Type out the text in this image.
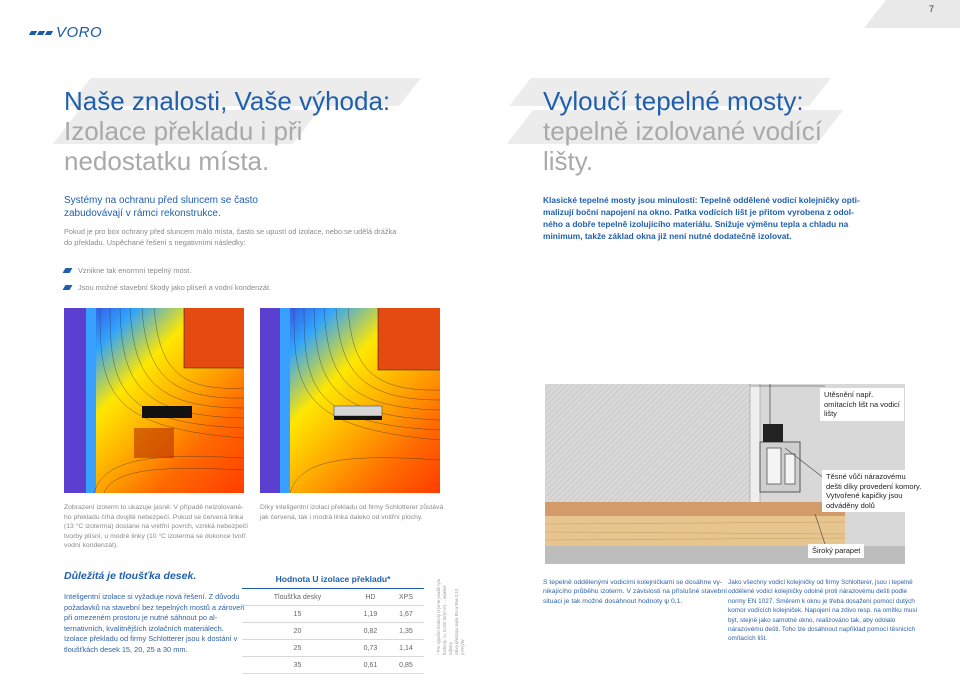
VORO
7
Naše znalosti, Vaše výhoda:
Izolace překladu i při
nedostatku místa.
Systémy na ochranu před sluncem se často
zabudovávají v rámci rekonstrukce.
Pokud je pro box ochrany před sluncem málo místa, často se upustí od izolace, nebo se udělá drážka
do překladu. Uspěchané řešení s negativními následky:
Vznikne tak enormní tepelný most.
Jsou možné stavební škody jako plíseň a vodní kondenzát.
Vyloučí tepelné mosty:
tepelně izolované vodící
lišty.
Klasické tepelné mosty jsou minulostí: Tepelně oddělené vodicí kolejničky opti-
malizují boční napojení na okno. Patka vodících lišt je přitom vyrobena z odol-
ného a dobře tepelně izolujícího materiálu. Snižuje výměnu tepla a chladu na
minimum, takže základ okna již není nutné dodatečně izolovat.
Zobrazení izoterm to ukazuje jasně: V případě neizolované-
ho překladu číhá dvojité nebezpečí. Pokud se červená linka
(13 °C izoterma) dostane na vnitřní povrch, vzniká nebezpečí
tvorby plísní, u modré linky (10 °C izoterma se dokonce tvoří
vodní kondenzát).
Díky inteligentní izolaci překladu od firmy Schlotterer zůstává
jak červená, tak i modrá linka daleko od vnitřní plochy.
Utěsnění např.
omítacích lišt na vodicí
lišty
Těsné vůči nárazovému
dešti díky provedení komory.
Vytvořené kapičky jsou
odváděny dolů
Široký parapet
Důležitá je tloušťka desek.
Inteligentní izolace si vyžaduje nová řešení. Z důvodu
požadavků na stavební bez tepelných mostů a zároveň
při omezeném prostoru je nutné sáhnout po al-
ternativních, kvalitnějších izolačních materiálech.
Izolace překladu od firmy Schlotterer jsou k dostání v
tloušťkách desek 15, 20, 25 a 30 mm.
Hodnota U izolace překladu*		
Tloušťka desky	HD	XPS
15	1,19	1,67
20	0,82	1,35
25	0,73	1,14
35	0,61	0,85
* Pro výpočet hodnoty U jsme použili tyto hodnoty: λ= 0,026 W/(m·K) ... tepelné odpory zdiva přestupu tepla Rsi a Rse 0,13 (m²K)/W
S tepelně oddělenými vodicími kolejničkami se dosáhne vy-
nikajícího průběhu izoterm. V závislosti na příslušné stavební
situaci je tak možné dosáhnout hodnoty ψ 0,1.
Jako všechny vodicí kolejničky od firmy Schlotterer, jsou i tepelně
oddělené vodicí kolejničky odolné proti nárazovému dešti podle
normy EN 1027. Směrem k oknu je třeba dosažení pomocí dutých
komor vodících kolejniček. Napojení na zdivo resp. na omítku musí
být, stejně jako samotné okno, realizováno tak, aby odolalo
nárazovému dešti. Toho lze dosáhnout například pomocí těsnicích
omítacích lišt.
